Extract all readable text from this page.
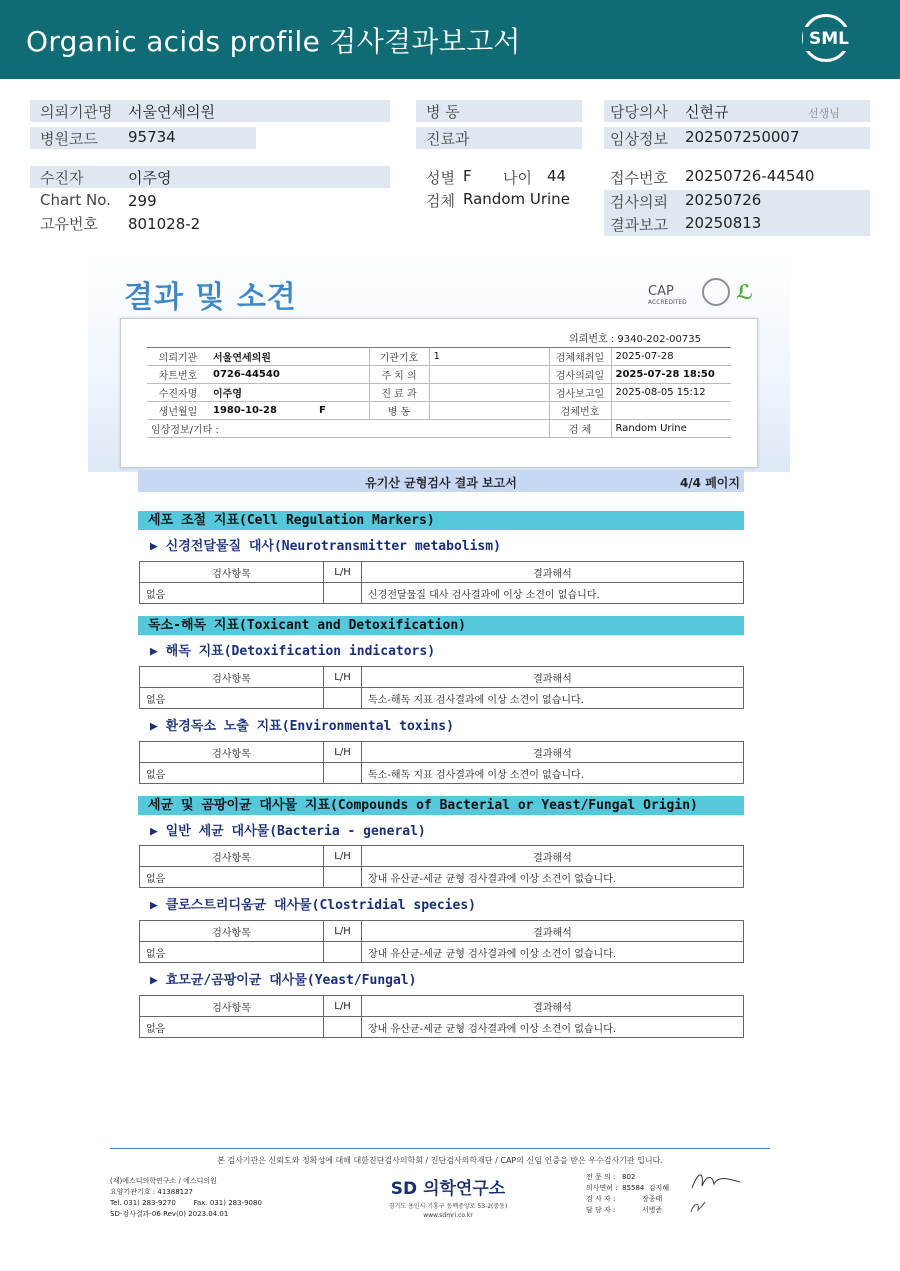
Organic acids profile 검사결과보고서	SML
의뢰기관명 서울연세의원
병원코드 95734
병 동
진료과
담당의사 신현규	선생님
임상정보 202507250007
수진자	이주영
Chart No. 299
고유번호 801028-2
성별 F 나이 44
검체 Random Urine
접수번호 20250726-44540
검사의뢰 20250726
결과보고 20250813
결과 및 소견	CAP
ACCREDITED ℒ
의뢰번호 : 9340-202-00735
의뢰기관	서울연세의원	기관기호	1	검체채취일	2025-07-28
차트번호	0726-44540	주 치 의		검사의뢰일	2025-07-28 18:50
수진자명	이주영	진 료 과		검사보고일	2025-08-05 15:12
생년월일	1980-10-28 F	병 동		검체번호	
임상정보/기타 :				검 체	Random Urine
유기산 균형검사 결과 보고서	4/4 페이지
세포 조절 지표(Cell Regulation Markers)
▶ 신경전달물질 대사(Neurotransmitter metabolism)
검사항목	L/H	결과해석
없음		신경전달물질 대사 검사결과에 이상 소견이 없습니다.
독소-해독 지표(Toxicant and Detoxification)
▶ 해독 지표(Detoxification indicators)
검사항목	L/H	결과해석
없음		독소-해독 지표 검사결과에 이상 소견이 없습니다.
▶ 환경독소 노출 지표(Environmental toxins)
검사항목	L/H	결과해석
없음		독소-해독 지표 검사결과에 이상 소견이 없습니다.
세균 및 곰팡이균 대사물 지표(Compounds of Bacterial or Yeast/Fungal Origin)
▶ 일반 세균 대사물(Bacteria - general)
검사항목	L/H	결과해석
없음		장내 유산균-세균 균형 검사결과에 이상 소견이 없습니다.
▶ 클로스트리디움균 대사물(Clostridial species)
검사항목	L/H	결과해석
없음		장내 유산균-세균 균형 검사결과에 이상 소견이 없습니다.
▶ 효모균/곰팡이균 대사물(Yeast/Fungal)
검사항목	L/H	결과해석
없음		장내 유산균-세균 균형 검사결과에 이상 소견이 없습니다.
본 검사기관은 신뢰도와 정확성에 대해 대한진단검사의학회 / 진단검사의학재단 / CAP의 신임 인증을 받은 우수검사기관 입니다.
(재)에스디의학연구소 / 에스디의원
요양기관기호 : 41388127
Tel. 031) 283-9270        Fax. 031) 283-9080
SD-검사결과-06 Rev(0) 2023.04.01
SD 의학연구소
경기도 용인시 기흥구 동백중앙로 53-2(중동)
www.sdmri.co.kr
전 문 의 :   802
의사면허 :  85584  김지혜
검 사 자 :            장종태
담 당 자 :            서병준
